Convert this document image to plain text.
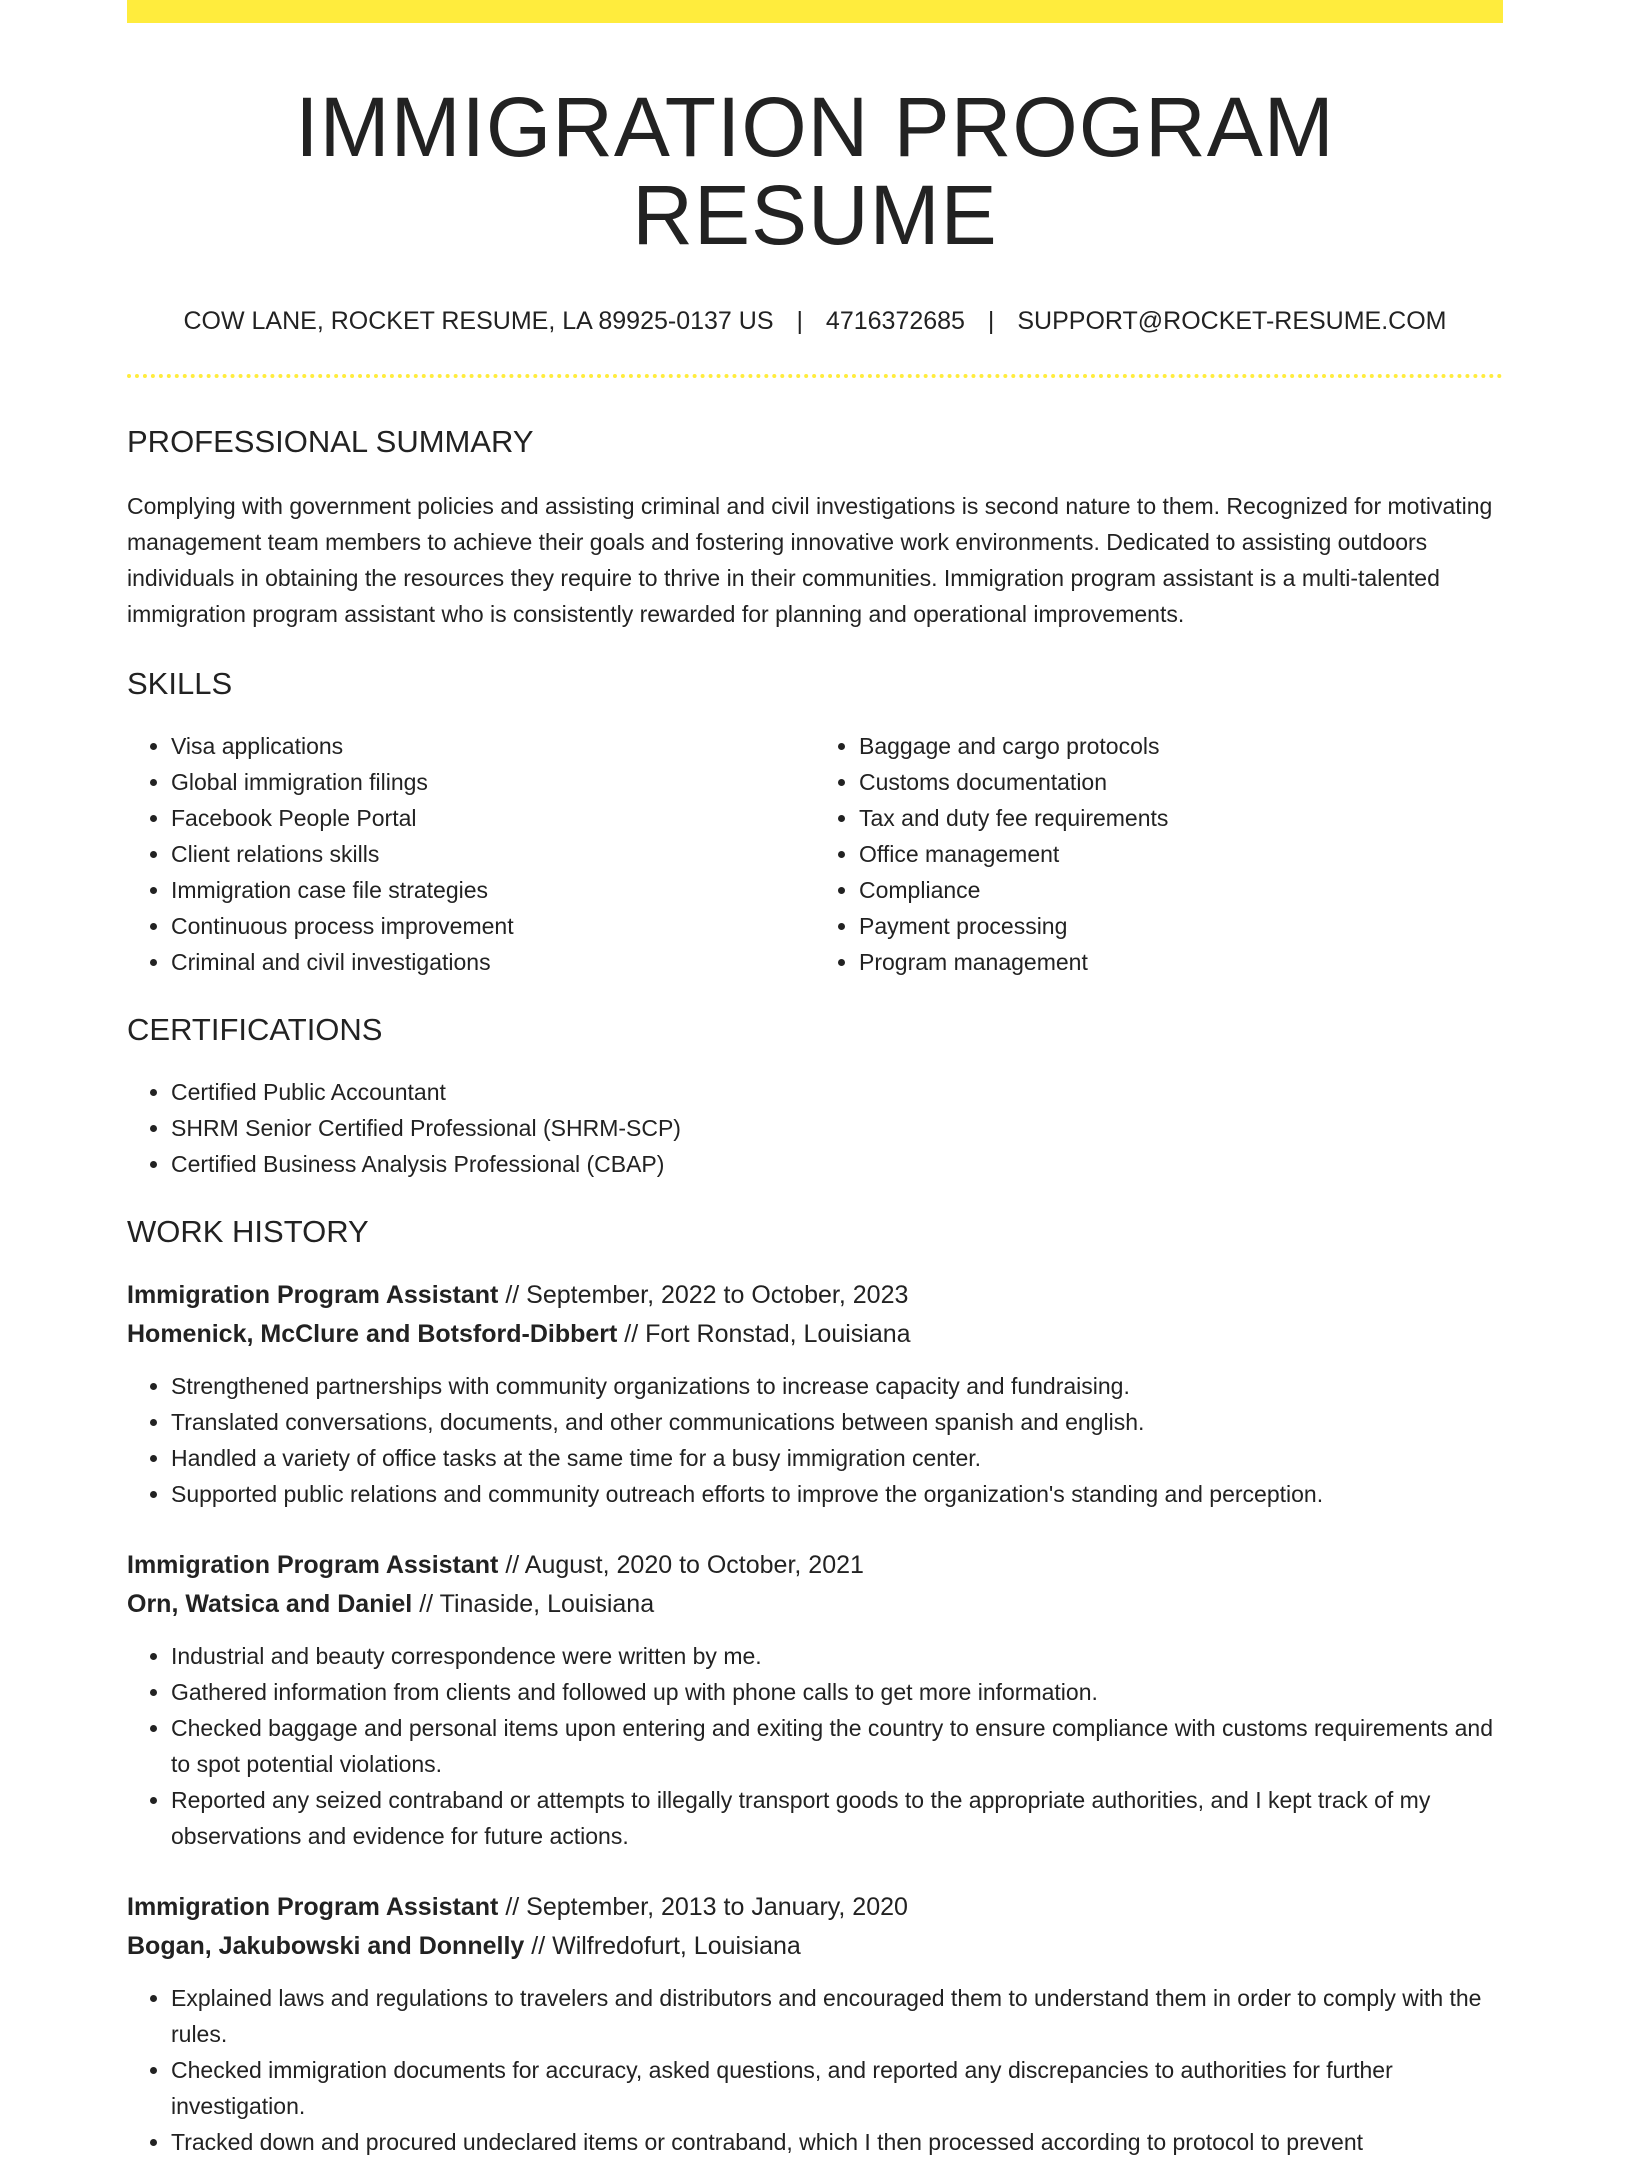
IMMIGRATION PROGRAM RESUME
COW LANE, ROCKET RESUME, LA 89925-0137 US | 4716372685 | SUPPORT@ROCKET-RESUME.COM
PROFESSIONAL SUMMARY

Complying with government policies and assisting criminal and civil investigations is second nature to them. Recognized for motivating management team members to achieve their goals and fostering innovative work environments. Dedicated to assisting outdoors individuals in obtaining the resources they require to thrive in their communities. Immigration program assistant is a multi-talented immigration program assistant who is consistently rewarded for planning and operational improvements.

SKILLS
• Visa applications
• Global immigration filings
• Facebook People Portal
• Client relations skills
• Immigration case file strategies
• Continuous process improvement
• Criminal and civil investigations
• Baggage and cargo protocols
• Customs documentation
• Tax and duty fee requirements
• Office management
• Compliance
• Payment processing
• Program management
CERTIFICATIONS
• Certified Public Accountant
• SHRM Senior Certified Professional (SHRM-SCP)
• Certified Business Analysis Professional (CBAP)
WORK HISTORY
Immigration Program Assistant // September, 2022 to October, 2023
Homenick, McClure and Botsford-Dibbert // Fort Ronstad, Louisiana
• Strengthened partnerships with community organizations to increase capacity and fundraising.
• Translated conversations, documents, and other communications between spanish and english.
• Handled a variety of office tasks at the same time for a busy immigration center.
• Supported public relations and community outreach efforts to improve the organization's standing and perception.
Immigration Program Assistant // August, 2020 to October, 2021
Orn, Watsica and Daniel // Tinaside, Louisiana
• Industrial and beauty correspondence were written by me.
• Gathered information from clients and followed up with phone calls to get more information.
• Checked baggage and personal items upon entering and exiting the country to ensure compliance with customs requirements and to spot potential violations.
• Reported any seized contraband or attempts to illegally transport goods to the appropriate authorities, and I kept track of my observations and evidence for future actions.
Immigration Program Assistant // September, 2013 to January, 2020
Bogan, Jakubowski and Donnelly // Wilfredofurt, Louisiana
• Explained laws and regulations to travelers and distributors and encouraged them to understand them in order to comply with the rules.
• Checked immigration documents for accuracy, asked questions, and reported any discrepancies to authorities for further investigation.
• Tracked down and procured undeclared items or contraband, which I then processed according to protocol to prevent
